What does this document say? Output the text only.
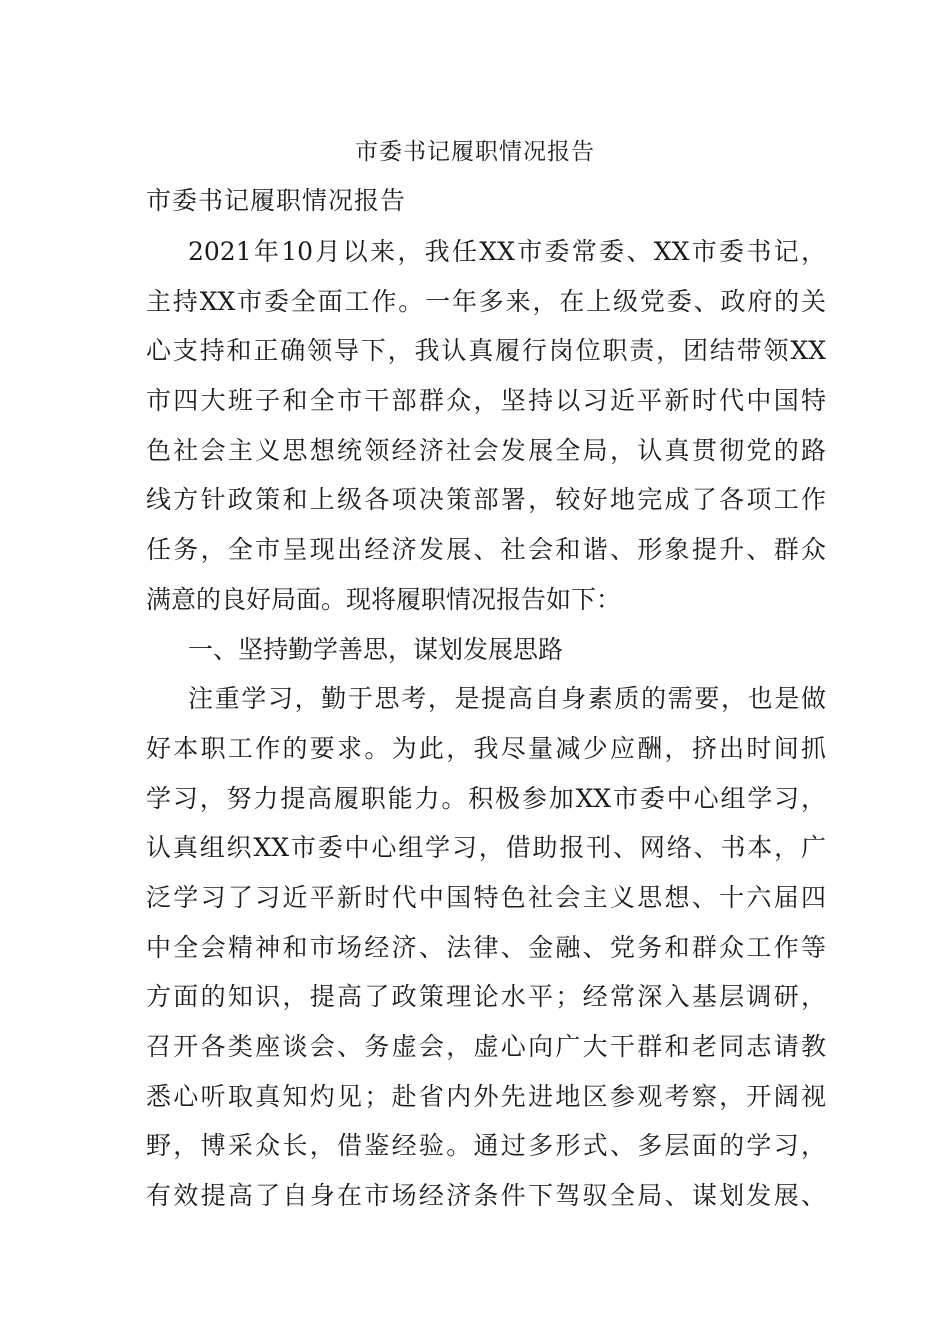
市委书记履职情况报告
市委书记履职情况报告
2021年10月以来，我任XX市委常委、XX市委书记，
主持XX市委全面工作。一年多来，在上级党委、政府的关
心支持和正确领导下，我认真履行岗位职责，团结带领XX
市四大班子和全市干部群众，坚持以习近平新时代中国特
色社会主义思想统领经济社会发展全局，认真贯彻党的路
线方针政策和上级各项决策部署，较好地完成了各项工作
任务，全市呈现出经济发展、社会和谐、形象提升、群众
满意的良好局面。现将履职情况报告如下：
一、坚持勤学善思，谋划发展思路
注重学习，勤于思考，是提高自身素质的需要，也是做
好本职工作的要求。为此，我尽量减少应酬，挤出时间抓
学习，努力提高履职能力。积极参加XX市委中心组学习，
认真组织XX市委中心组学习，借助报刊、网络、书本，广
泛学习了习近平新时代中国特色社会主义思想、十六届四
中全会精神和市场经济、法律、金融、党务和群众工作等
方面的知识，提高了政策理论水平；经常深入基层调研，
召开各类座谈会、务虚会，虚心向广大干群和老同志请教
悉心听取真知灼见；赴省内外先进地区参观考察，开阔视
野，博采众长，借鉴经验。通过多形式、多层面的学习，
有效提高了自身在市场经济条件下驾驭全局、谋划发展、
